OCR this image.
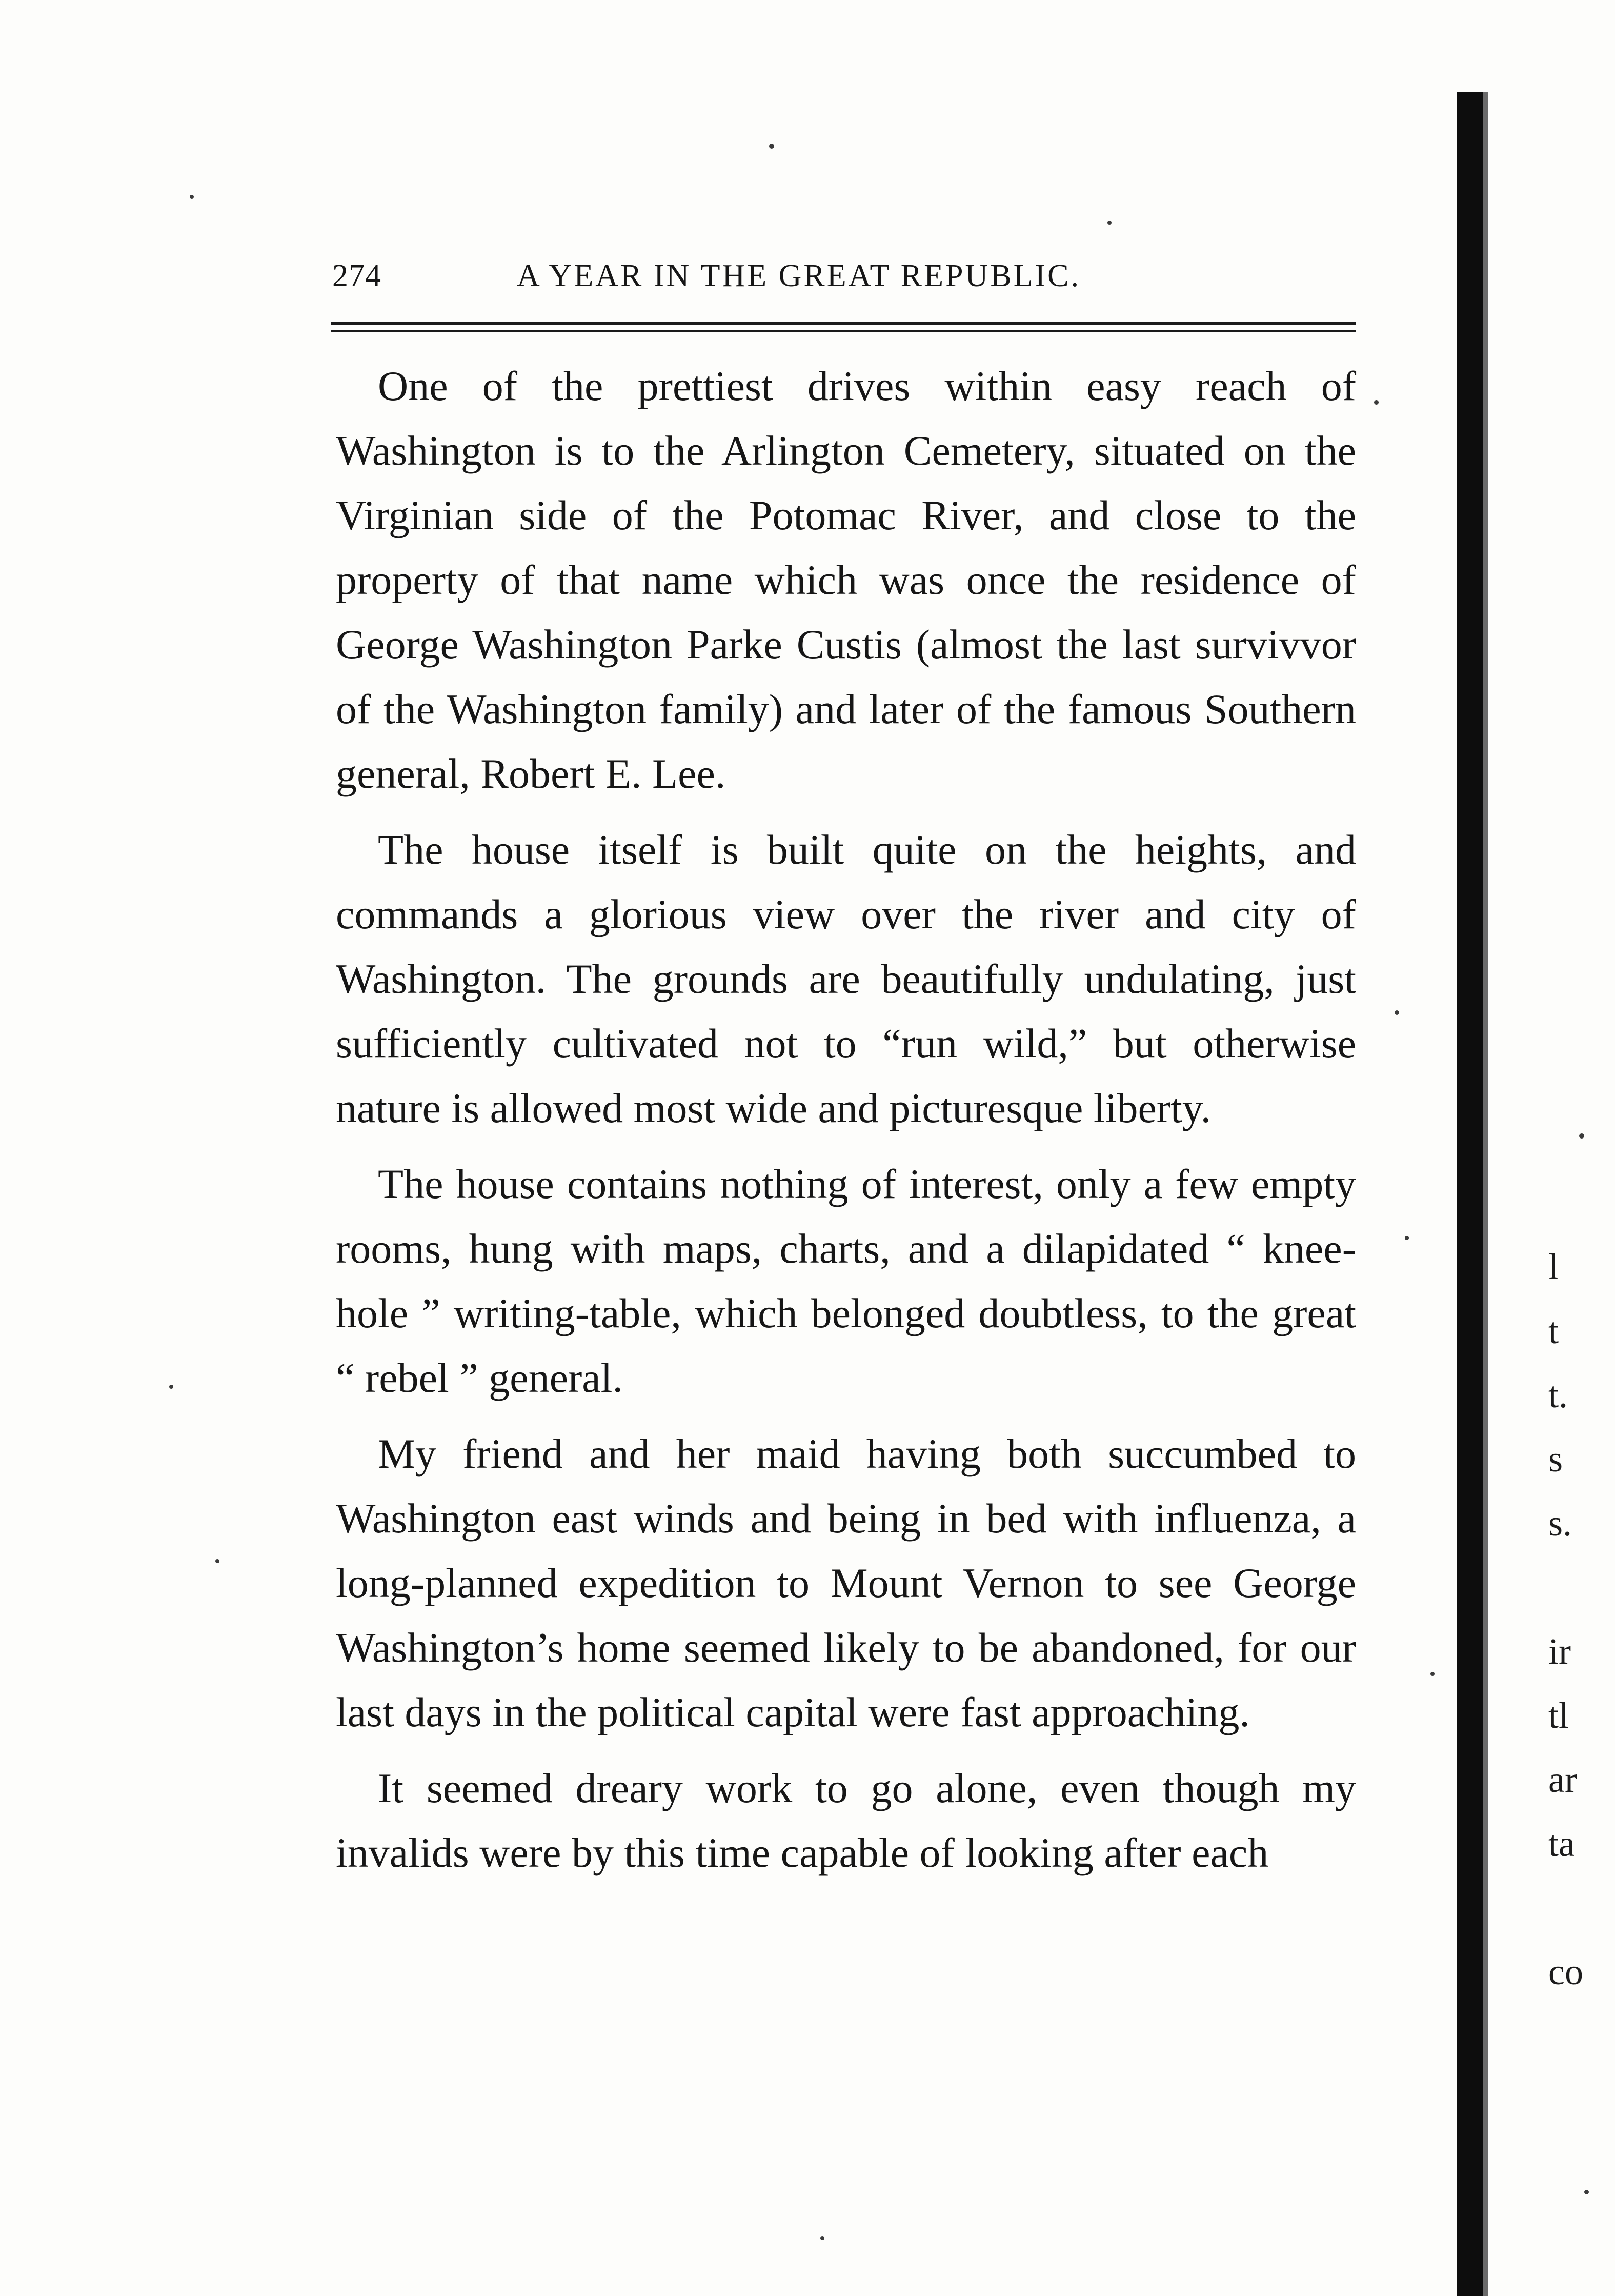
274	A YEAR IN THE GREAT REPUBLIC.

One of the prettiest drives within easy reach of Washington is to the Arlington Cemetery, situated on the Virginian side of the Potomac River, and close to the property of that name which was once the residence of George Washington Parke Custis (almost the last survivvor of the Washington family) and later of the famous Southern general, Robert E. Lee.

The house itself is built quite on the heights, and commands a glorious view over the river and city of Washington. The grounds are beautifully undulating, just sufficiently cultivated not to “run wild,” but otherwise nature is allowed most wide and picturesque liberty.

The house contains nothing of interest, only a few empty rooms, hung with maps, charts, and a dilapidated “ knee-hole ” writing-table, which belonged doubtless, to the great “ rebel ” general.

My friend and her maid having both succumbed to Washington east winds and being in bed with influenza, a long-planned expedition to Mount Vernon to see George Washington’s home seemed likely to be abandoned, for our last days in the political capital were fast approaching.

It seemed dreary work to go alone, even though my invalids were by this time capable of looking after each

l
t
t.
s
s.
ir
tl
ar
ta
co
